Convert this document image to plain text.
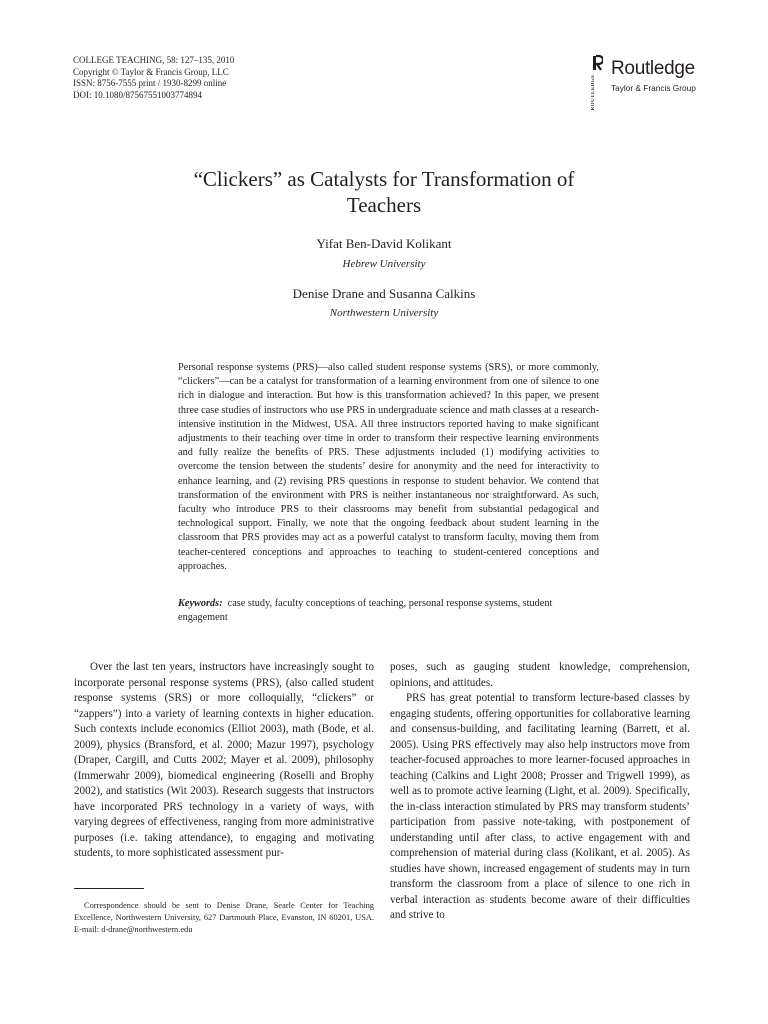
COLLEGE TEACHING, 58: 127–135, 2010
Copyright © Taylor & Francis Group, LLC
ISSN: 8756-7555 print / 1930-8299 online
DOI: 10.1080/87567551003774894	ROUTLEDGE
Routledge
Taylor & Francis Group
“Clickers” as Catalysts for Transformation of
Teachers
Yifat Ben-David Kolikant
Hebrew University
Denise Drane and Susanna Calkins
Northwestern University
Personal response systems (PRS)—also called student response systems (SRS), or more commonly, “clickers”—can be a catalyst for transformation of a learning environment from one of silence to one rich in dialogue and interaction. But how is this transformation achieved? In this paper, we present three case studies of instructors who use PRS in undergraduate science and math classes at a research-intensive institution in the Midwest, USA. All three instructors reported having to make significant adjustments to their teaching over time in order to transform their respective learning environments and fully realize the benefits of PRS. These adjustments included (1) modifying activities to overcome the tension between the students’ desire for anonymity and the need for interactivity to enhance learning, and (2) revising PRS questions in response to student behavior. We contend that transformation of the environment with PRS is neither instantaneous nor straightforward. As such, faculty who introduce PRS to their classrooms may benefit from substantial pedagogical and technological support. Finally, we note that the ongoing feedback about student learning in the classroom that PRS provides may act as a powerful catalyst to transform faculty, moving them from teacher-centered conceptions and approaches to teaching to student-centered conceptions and approaches.
Keywords: case study, faculty conceptions of teaching, personal response systems, student engagement

Over the last ten years, instructors have increasingly sought to incorporate personal response systems (PRS), (also called student response systems (SRS) or more colloquially, “clickers” or “zappers”) into a variety of learning contexts in higher education. Such contexts include economics (Elliot 2003), math (Bode, et al. 2009), physics (Bransford, et al. 2000; Mazur 1997), psychology (Draper, Cargill, and Cutts 2002; Mayer et al. 2009), philosophy (Immerwahr 2009), biomedical engineering (Roselli and Brophy 2002), and statistics (Wit 2003). Research suggests that instructors have incorporated PRS technology in a variety of ways, with varying degrees of effectiveness, ranging from more administrative purposes (i.e. taking attendance), to engaging and motivating students, to more sophisticated assessment pur-

poses, such as gauging student knowledge, comprehension, opinions, and attitudes.

PRS has great potential to transform lecture-based classes by engaging students, offering opportunities for collaborative learning and consensus-building, and facilitating learning (Barrett, et al. 2005). Using PRS effectively may also help instructors move from teacher-focused approaches to more learner-focused approaches in teaching (Calkins and Light 2008; Prosser and Trigwell 1999), as well as to promote active learning (Light, et al. 2009). Specifically, the in-class interaction stimulated by PRS may transform students’ participation from passive note-taking, with postponement of understanding until after class, to active engagement with and comprehension of material during class (Kolikant, et al. 2005). As studies have shown, increased engagement of students may in turn transform the classroom from a place of silence to one rich in verbal interaction as students become aware of their difficulties and strive to

Correspondence should be sent to Denise Drane, Searle Center for Teaching Excellence, Northwestern University, 627 Dartmouth Place, Evanston, IN 60201, USA. E-mail: d-drane@northwestern.edu
